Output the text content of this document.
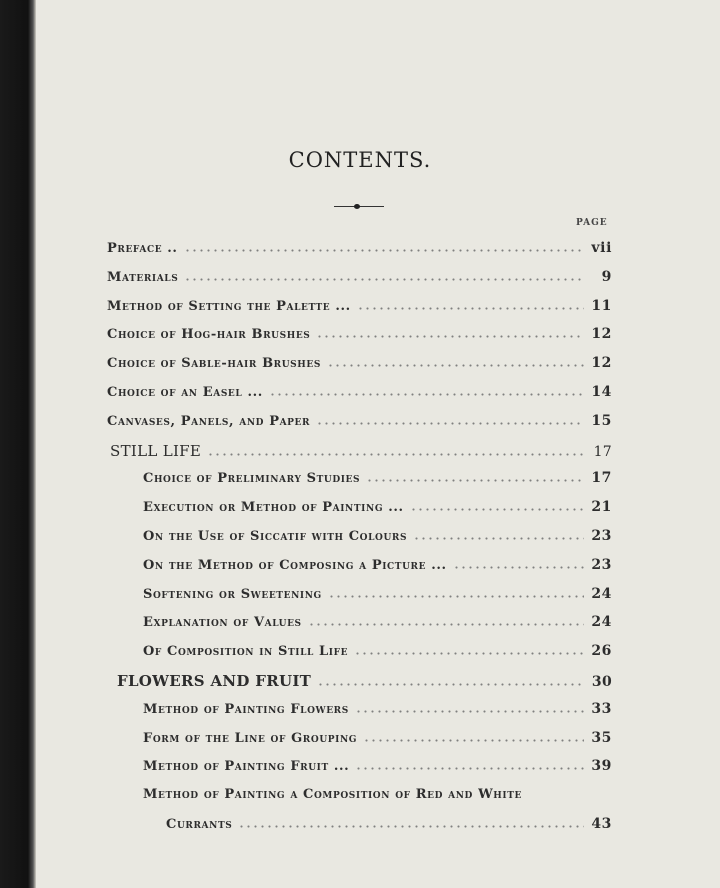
CONTENTS.
PAGE
Preface ..	vii
Materials	9
Method of Setting the Palette ...	11
Choice of Hog-hair Brushes	12
Choice of Sable-hair Brushes	12
Choice of an Easel ...	14
Canvases, Panels, and Paper	15
STILL LIFE	17
Choice of Preliminary Studies	17
Execution or Method of Painting ...	21
On the Use of Siccatif with Colours	23
On the Method of Composing a Picture ...	23
Softening or Sweetening	24
Explanation of Values	24
Of Composition in Still Life	26
FLOWERS AND FRUIT	30
Method of Painting Flowers	33
Form of the Line of Grouping	35
Method of Painting Fruit ...	39
Method of Painting a Composition of Red and White
Currants	43
